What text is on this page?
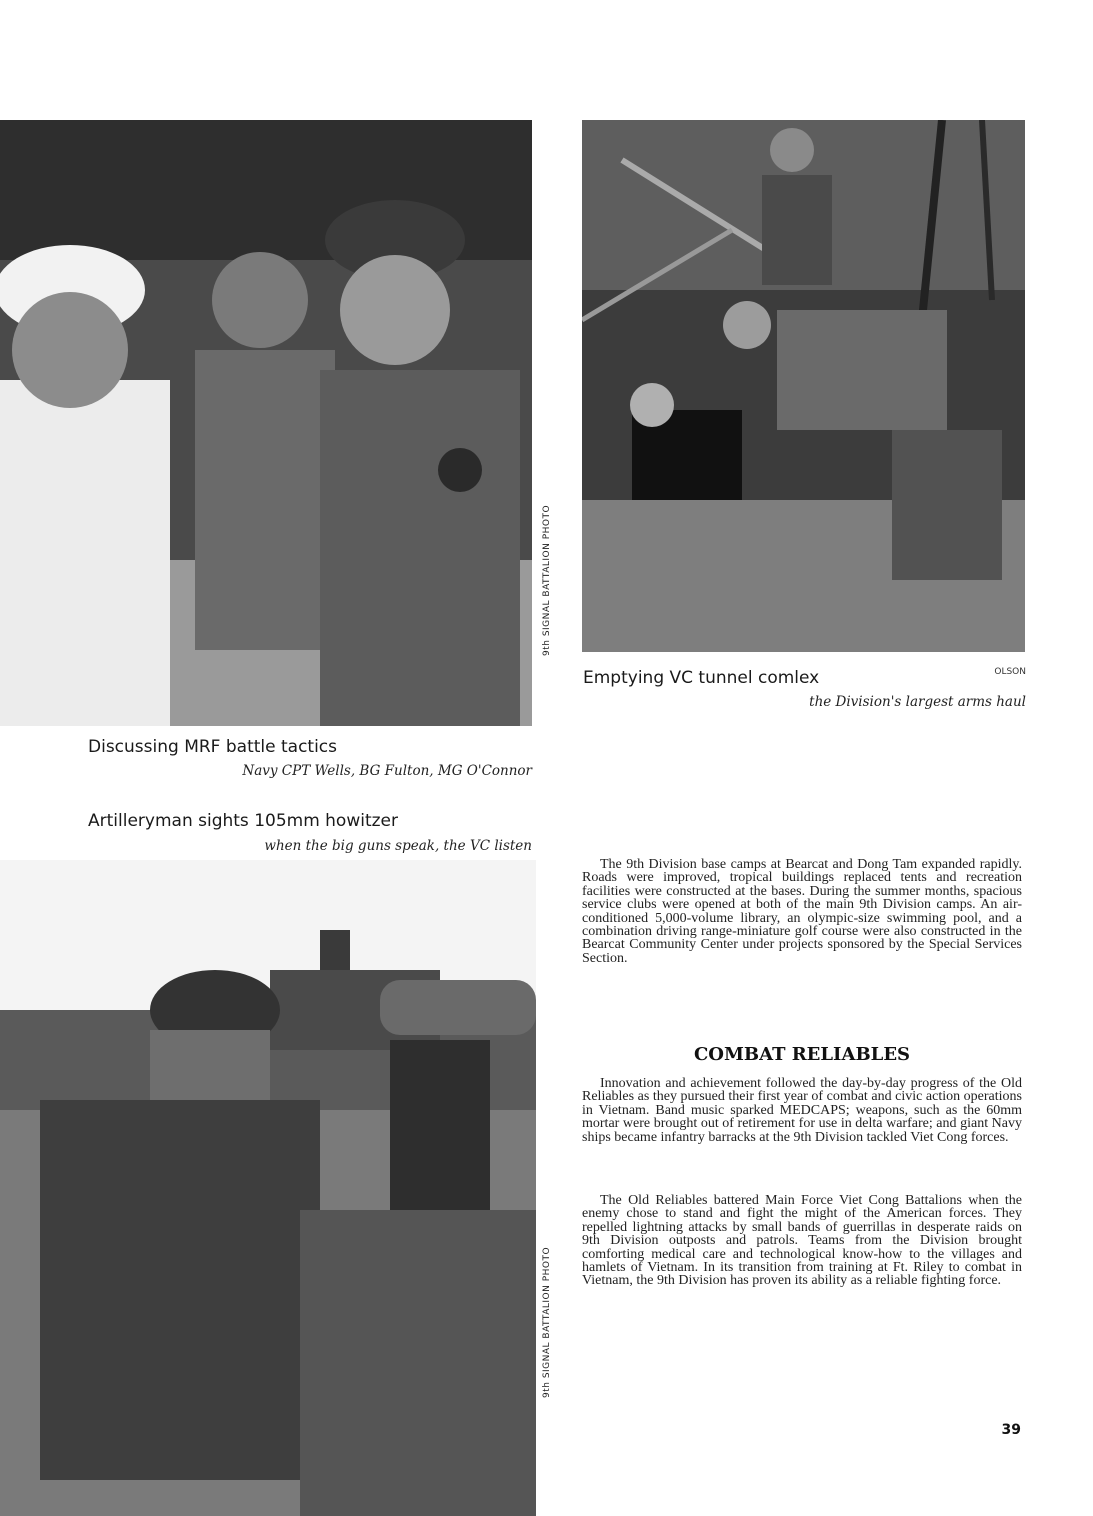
9th SIGNAL BATTALION PHOTO
Discussing MRF battle tactics

Navy CPT Wells, BG Fulton, MG O'Connor

Emptying VC tunnel comlex	OLSON

the Division's largest arms haul

Artilleryman sights 105mm howitzer

when the big guns speak, the VC listen

9th SIGNAL BATTALION PHOTO

The 9th Division base camps at Bearcat and Dong Tam expanded rapidly. Roads were improved, tropical buildings replaced tents and recreation facilities were constructed at the bases. During the summer months, spacious service clubs were opened at both of the main 9th Division camps. An air-conditioned 5,000-volume library, an olympic-size swimming pool, and a combination driving range-miniature golf course were also constructed in the Bearcat Community Center under projects sponsored by the Special Services Section.

COMBAT RELIABLES

Innovation and achievement followed the day-by-day progress of the Old Reliables as they pursued their first year of combat and civic action operations in Vietnam. Band music sparked MEDCAPS; weapons, such as the 60mm mortar were brought out of retirement for use in delta warfare; and giant Navy ships became infantry barracks at the 9th Division tackled Viet Cong forces.

The Old Reliables battered Main Force Viet Cong Battalions when the enemy chose to stand and fight the might of the American forces. They repelled lightning attacks by small bands of guerrillas in desperate raids on 9th Division outposts and patrols. Teams from the Division brought comforting medical care and technological know-how to the villages and hamlets of Vietnam. In its transition from training at Ft. Riley to combat in Vietnam, the 9th Division has proven its ability as a reliable fighting force.

39
